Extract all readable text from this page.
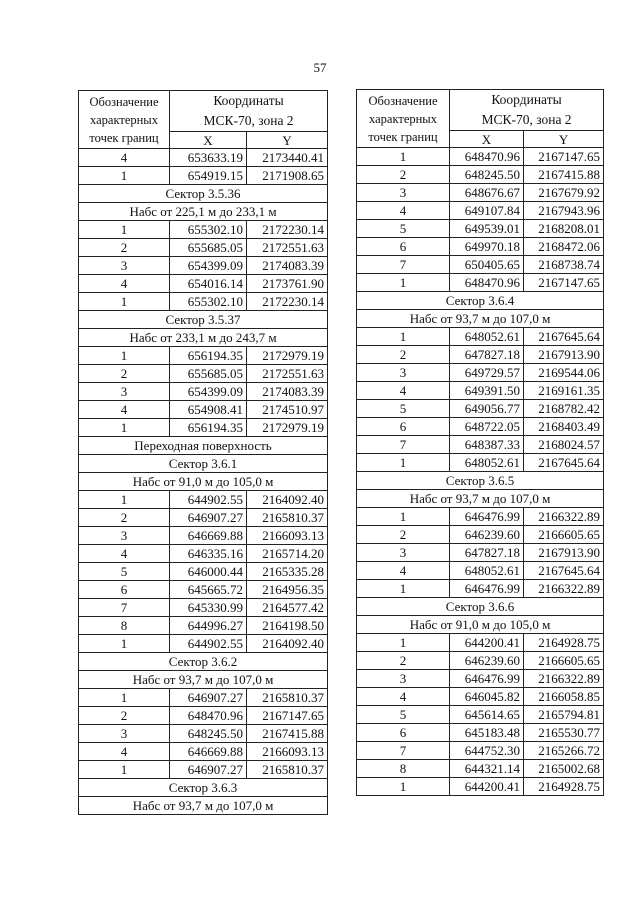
57
Обозначение
характерных
точек границ	Координаты
МСК-70, зона 2	
	X	Y
4	653633.19	2173440.41
1	654919.15	2171908.65
Сектор 3.5.36		
Набс от 225,1 м до 233,1 м		
1	655302.10	2172230.14
2	655685.05	2172551.63
3	654399.09	2174083.39
4	654016.14	2173761.90
1	655302.10	2172230.14
Сектор 3.5.37		
Набс от 233,1 м до 243,7 м		
1	656194.35	2172979.19
2	655685.05	2172551.63
3	654399.09	2174083.39
4	654908.41	2174510.97
1	656194.35	2172979.19
Переходная поверхность		
Сектор 3.6.1		
Набс от 91,0 м до 105,0 м		
1	644902.55	2164092.40
2	646907.27	2165810.37
3	646669.88	2166093.13
4	646335.16	2165714.20
5	646000.44	2165335.28
6	645665.72	2164956.35
7	645330.99	2164577.42
8	644996.27	2164198.50
1	644902.55	2164092.40
Сектор 3.6.2		
Набс от 93,7 м до 107,0 м		
1	646907.27	2165810.37
2	648470.96	2167147.65
3	648245.50	2167415.88
4	646669.88	2166093.13
1	646907.27	2165810.37
Сектор 3.6.3		
Набс от 93,7 м до 107,0 м		
Обозначение
характерных
точек границ	Координаты
МСК-70, зона 2	
	X	Y
1	648470.96	2167147.65
2	648245.50	2167415.88
3	648676.67	2167679.92
4	649107.84	2167943.96
5	649539.01	2168208.01
6	649970.18	2168472.06
7	650405.65	2168738.74
1	648470.96	2167147.65
Сектор 3.6.4		
Набс от 93,7 м до 107,0 м		
1	648052.61	2167645.64
2	647827.18	2167913.90
3	649729.57	2169544.06
4	649391.50	2169161.35
5	649056.77	2168782.42
6	648722.05	2168403.49
7	648387.33	2168024.57
1	648052.61	2167645.64
Сектор 3.6.5		
Набс от 93,7 м до 107,0 м		
1	646476.99	2166322.89
2	646239.60	2166605.65
3	647827.18	2167913.90
4	648052.61	2167645.64
1	646476.99	2166322.89
Сектор 3.6.6		
Набс от 91,0 м до 105,0 м		
1	644200.41	2164928.75
2	646239.60	2166605.65
3	646476.99	2166322.89
4	646045.82	2166058.85
5	645614.65	2165794.81
6	645183.48	2165530.77
7	644752.30	2165266.72
8	644321.14	2165002.68
1	644200.41	2164928.75
